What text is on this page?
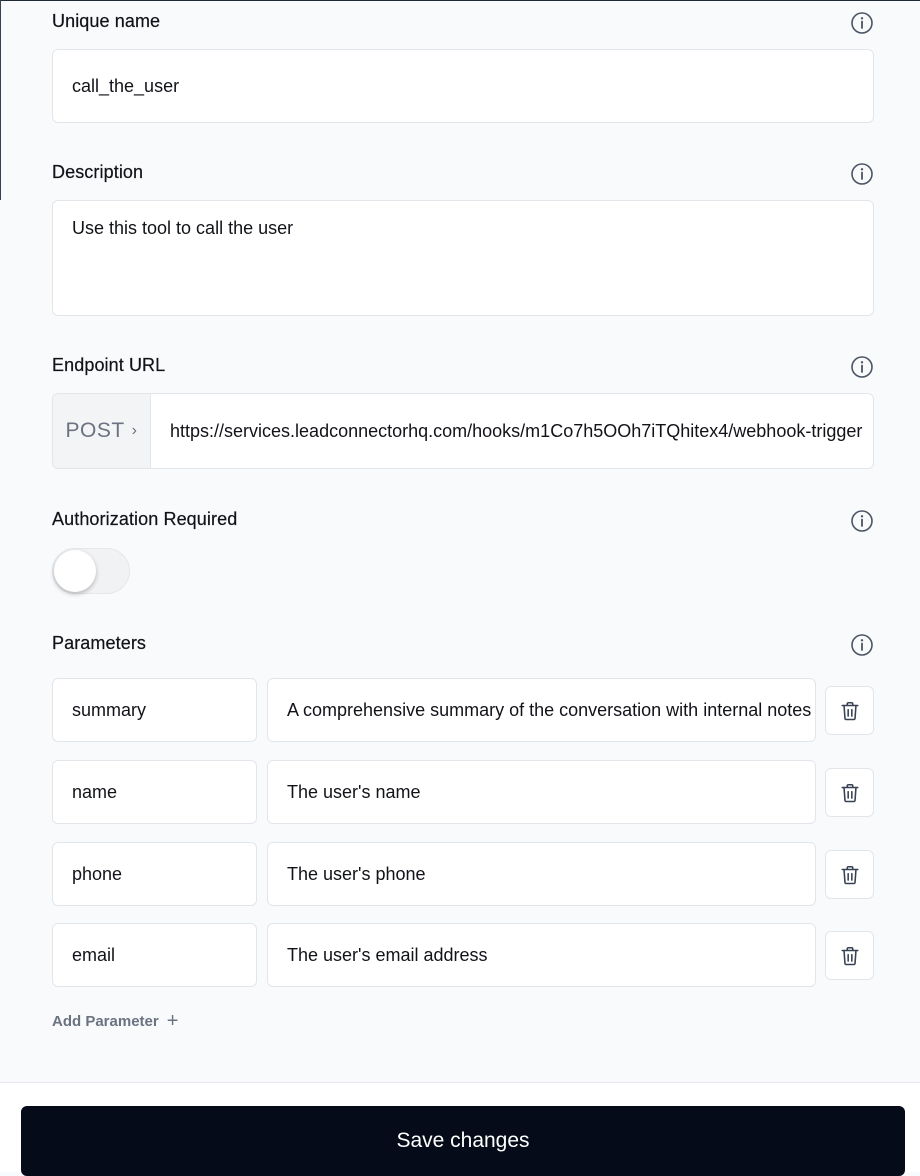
Unique name
call_the_user
Description
Use this tool to call the user
Endpoint URL
POST ›	https://services.leadconnectorhq.com/hooks/m1Co7h5OOh7iTQhitex4/webhook-trigger
Authorization Required
Parameters
summary	A comprehensive summary of the conversation with internal notes
name	The user's name
phone	The user's phone
email	The user's email address
Add Parameter +
Save changes
